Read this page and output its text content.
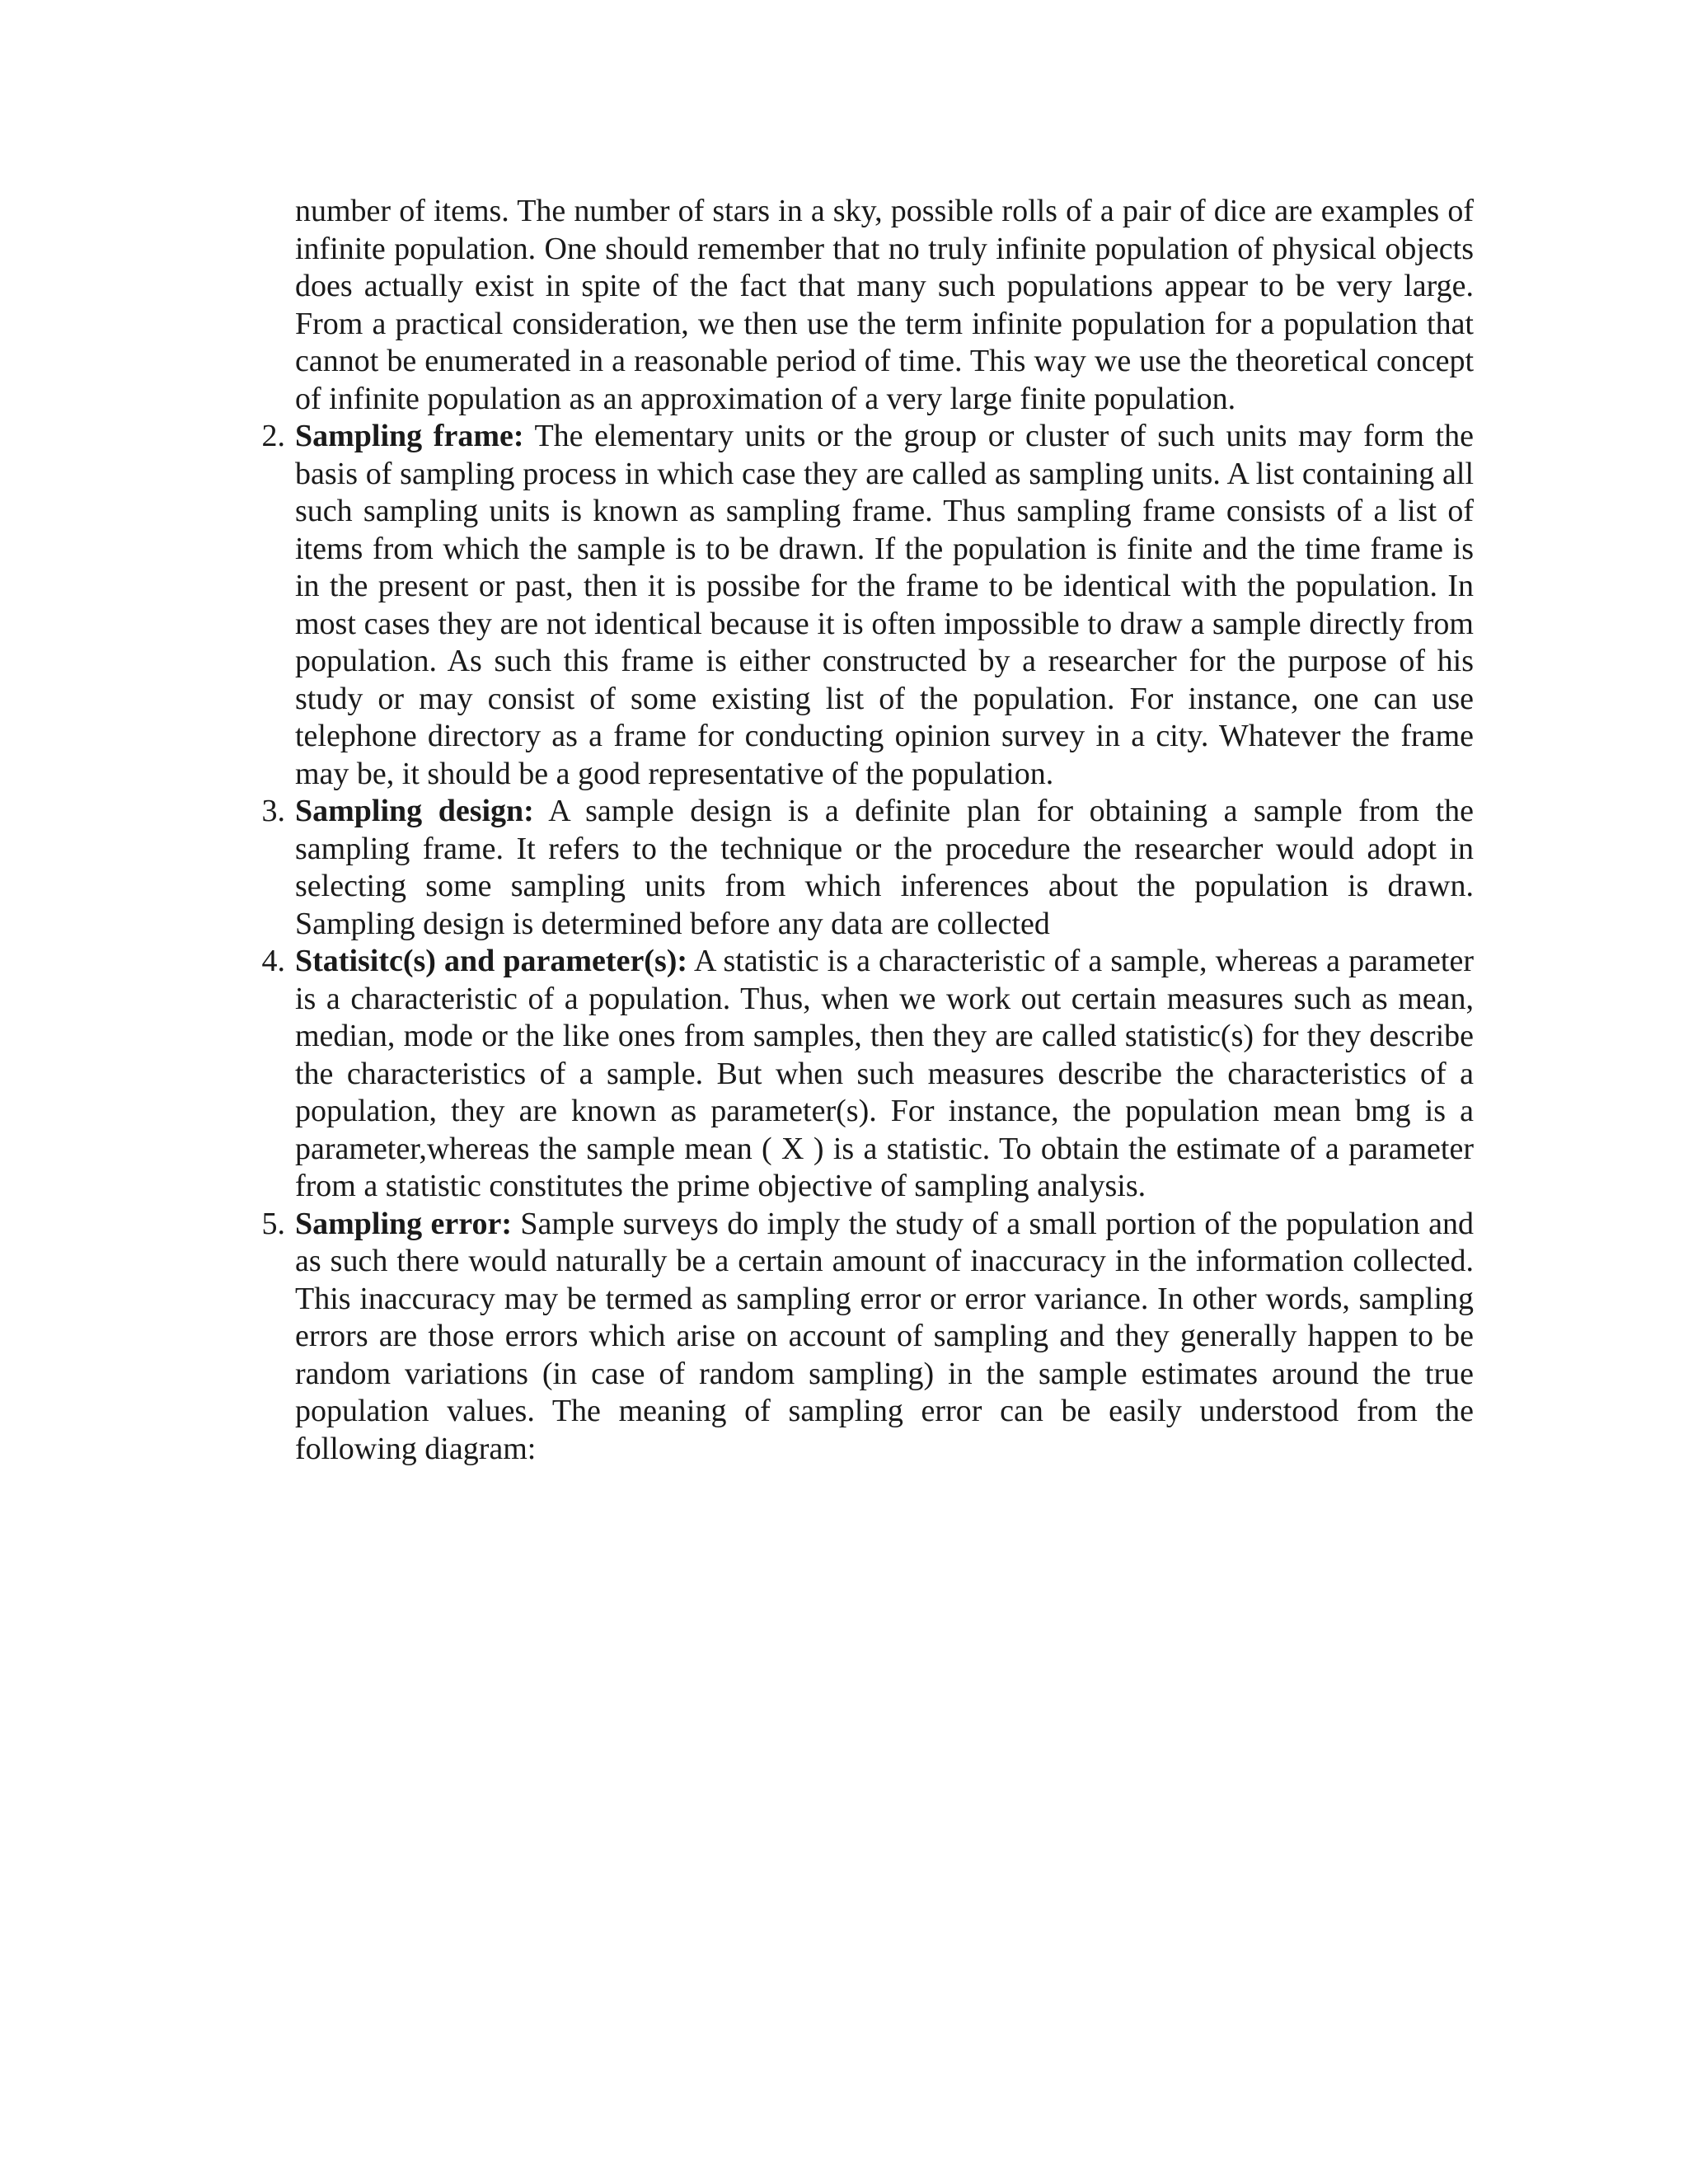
number of items. The number of stars in a sky, possible rolls of a pair of dice are examples of infinite population. One should remember that no truly infinite population of physical objects does actually exist in spite of the fact that many such populations appear to be very large. From a practical consideration, we then use the term infinite population for a population that cannot be enumerated in a reasonable period of time. This way we use the theoretical concept of infinite population as an approximation of a very large finite population.

2. Sampling frame: The elementary units or the group or cluster of such units may form the basis of sampling process in which case they are called as sampling units. A list containing all such sampling units is known as sampling frame. Thus sampling frame consists of a list of items from which the sample is to be drawn. If the population is finite and the time frame is in the present or past, then it is possibe for the frame to be identical with the population. In most cases they are not identical because it is often impossible to draw a sample directly from population. As such this frame is either constructed by a researcher for the purpose of his study or may consist of some existing list of the population. For instance, one can use telephone directory as a frame for conducting opinion survey in a city. Whatever the frame may be, it should be a good representative of the population.
3. Sampling design: A sample design is a definite plan for obtaining a sample from the sampling frame. It refers to the technique or the procedure the researcher would adopt in selecting some sampling units from which inferences about the population is drawn. Sampling design is determined before any data are collected
4. Statisitc(s) and parameter(s): A statistic is a characteristic of a sample, whereas a parameter is a characteristic of a population. Thus, when we work out certain measures such as mean, median, mode or the like ones from samples, then they are called statistic(s) for they describe the characteristics of a sample. But when such measures describe the characteristics of a population, they are known as parameter(s). For instance, the population mean bmg is a parameter,whereas the sample mean ( X ) is a statistic. To obtain the estimate of a parameter from a statistic constitutes the prime objective of sampling analysis.
5. Sampling error: Sample surveys do imply the study of a small portion of the population and as such there would naturally be a certain amount of inaccuracy in the information collected. This inaccuracy may be termed as sampling error or error variance. In other words, sampling errors are those errors which arise on account of sampling and they generally happen to be random variations (in case of random sampling) in the sample estimates around the true population values. The meaning of sampling error can be easily understood from the following diagram:
